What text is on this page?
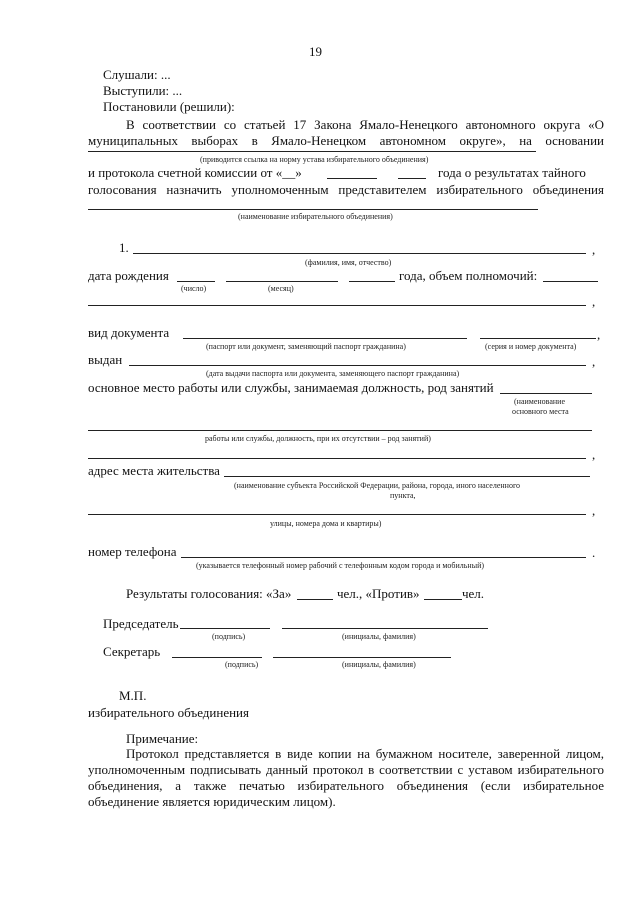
19
Слушали: ...
Выступили: ...
Постановили (решили):
В соответствии со статьей 17 Закона Ямало-Ненецкого автономного округа «О
муниципальных выборах в Ямало-Ненецком автономном округе», на основании
(приводится ссылка на норму устава избирательного объединения)
и протокола счетной комиссии от «__»	года о результатах тайного
голосования назначить уполномоченным представителем избирательного объединения
(наименование избирательного объединения)
1.	,
(фамилия, имя, отчество)
дата рождения	года, объем полномочий:
(число)	(месяц)
,
вид документа	,
(паспорт или документ, заменяющий паспорт гражданина)	(серия и номер документа)
выдан	,
(дата выдачи паспорта или документа, заменяющего паспорт гражданина)
основное место работы или службы, занимаемая должность, род занятий
(наименование
основного места
работы или службы, должность, при их отсутствии – род занятий)
,
адрес места жительства
(наименование субъекта Российской Федерации, района, города, иного населенного
пункта,
,
улицы, номера дома и квартиры)
номер телефона	.
(указывается телефонный номер рабочий с телефонным кодом города и мобильный)
Результаты голосования: «За»	чел., «Против»	чел.
Председатель
(подпись)	(инициалы, фамилия)
Секретарь
(подпись)	(инициалы, фамилия)
М.П.
избирательного объединения
Примечание:
Протокол представляется в виде копии на бумажном носителе, заверенной лицом, уполномоченным подписывать данный протокол в соответствии с уставом избирательного объединения, а также печатью избирательного объединения (если избирательное объединение является юридическим лицом).
